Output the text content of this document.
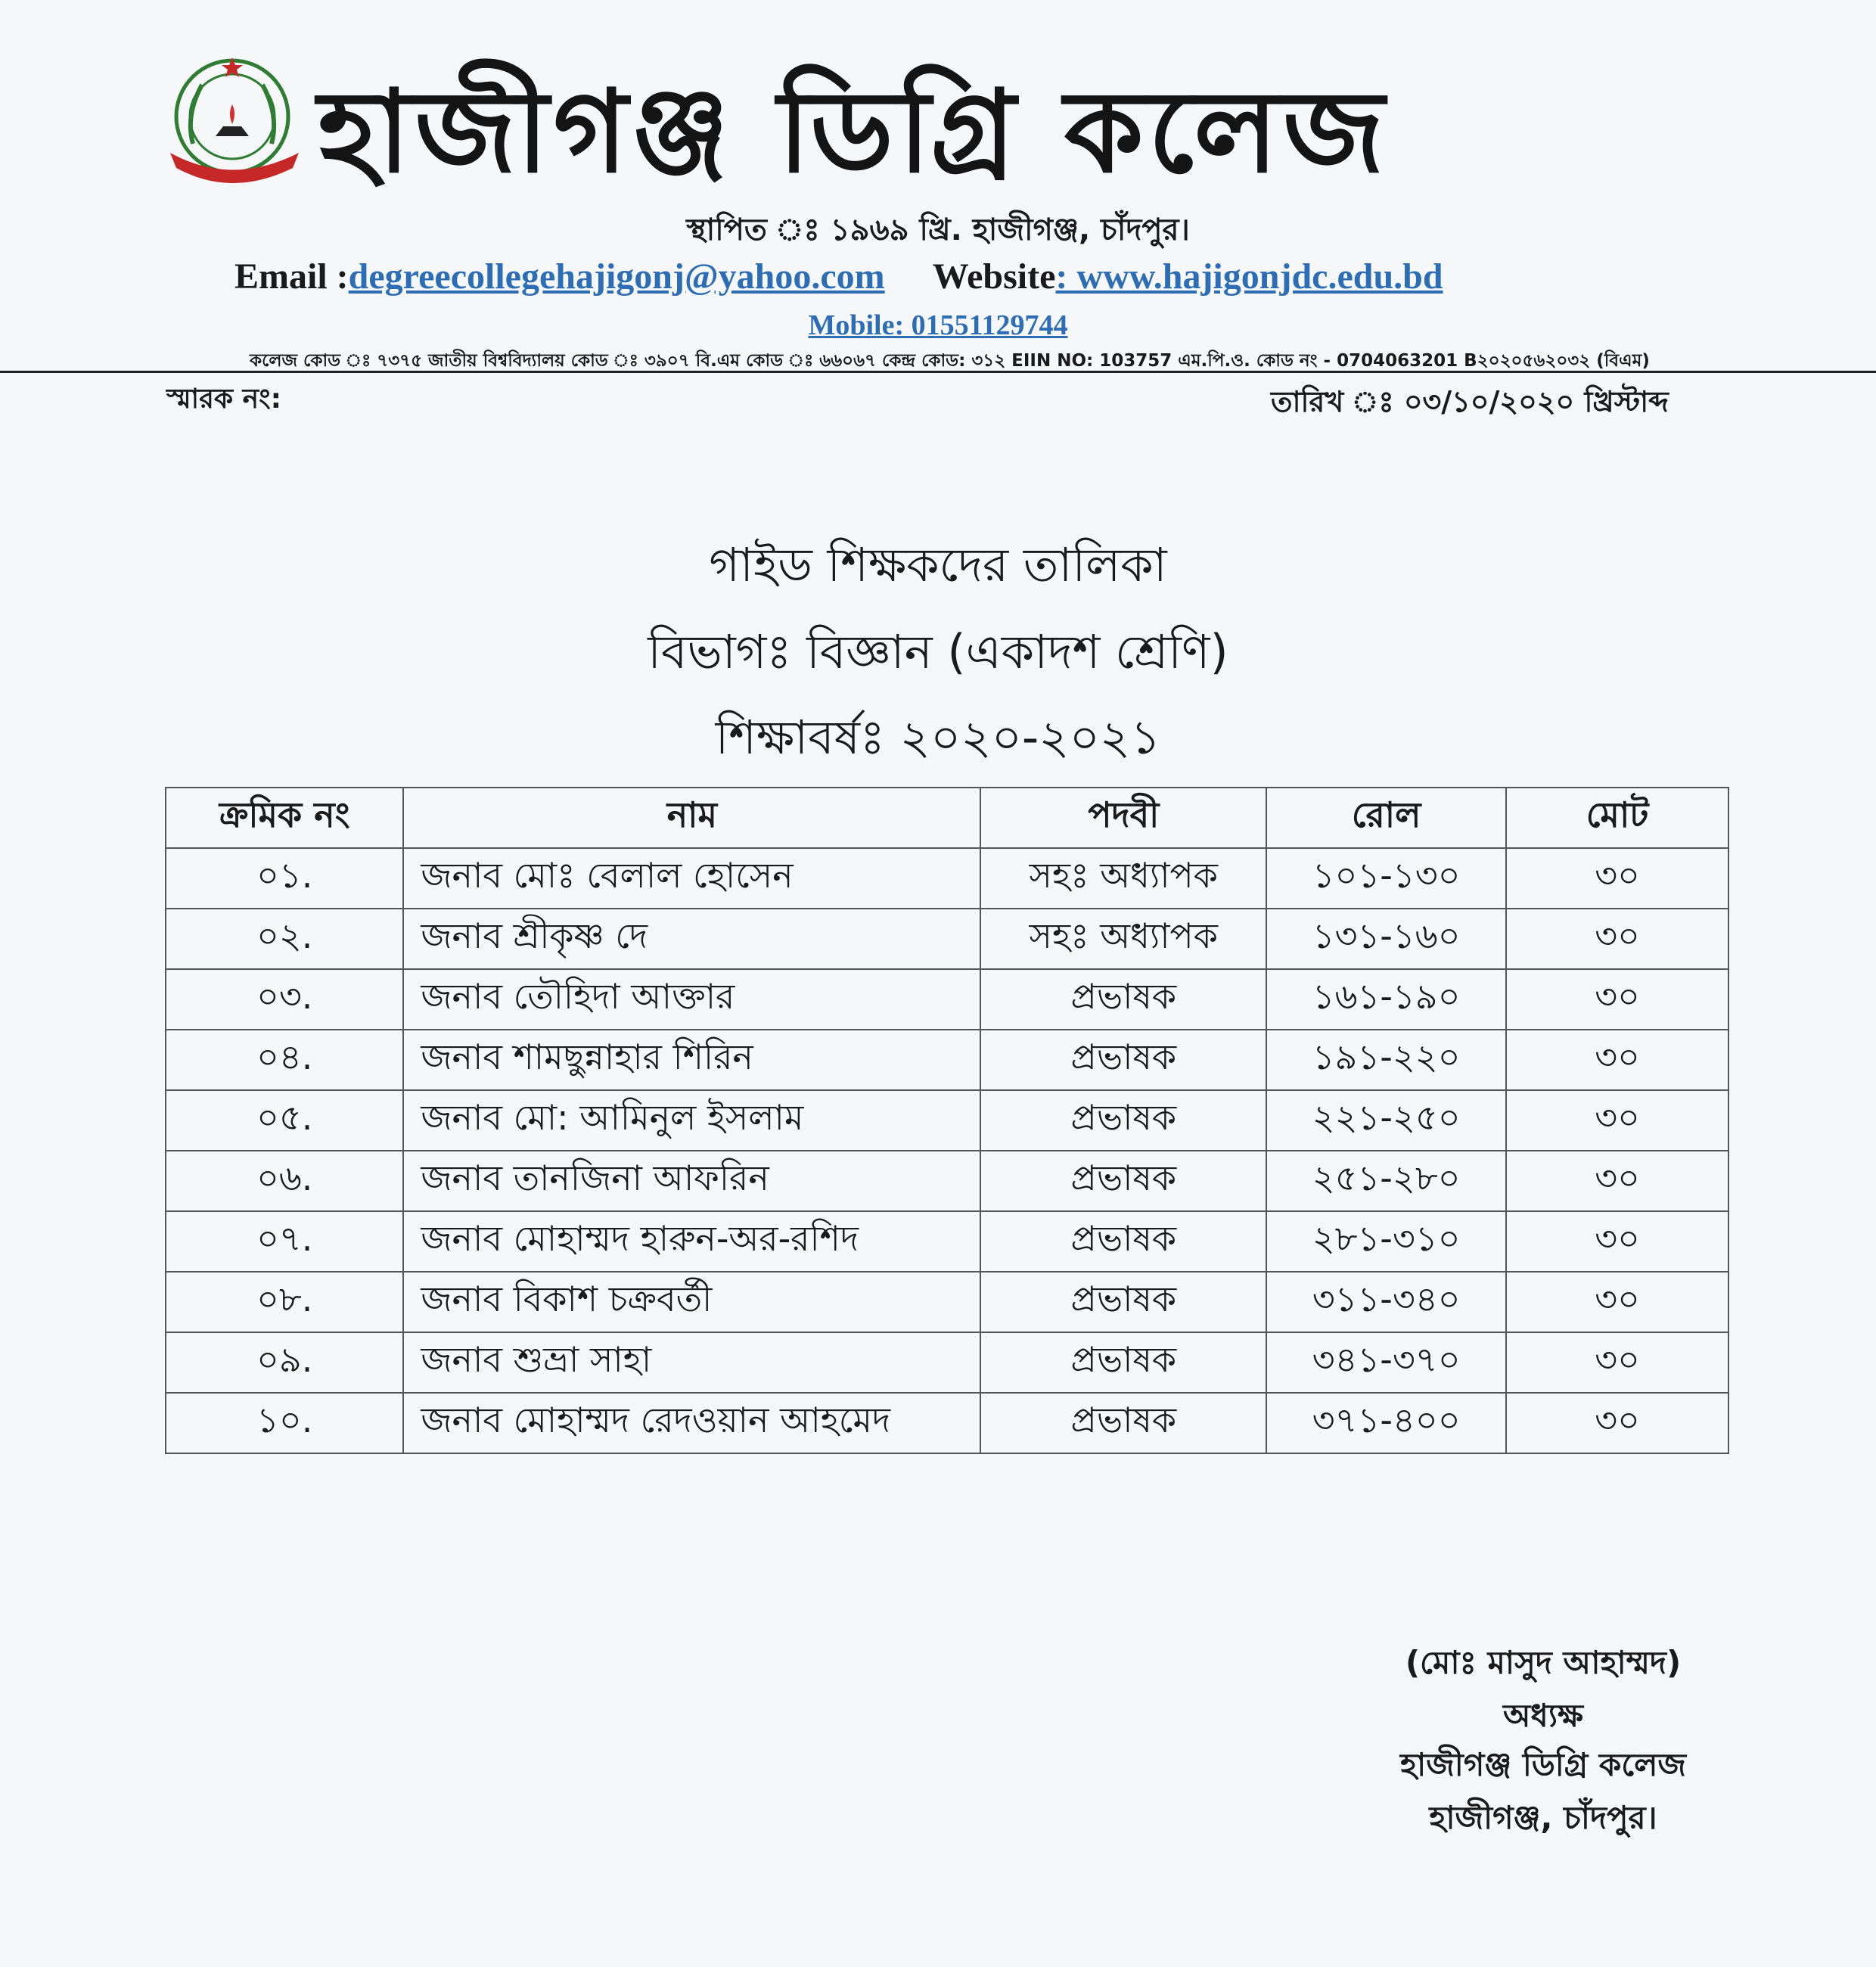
হাজীগঞ্জ ডিগ্রি কলেজ
স্থাপিত ঃ ১৯৬৯ খ্রি. হাজীগঞ্জ, চাঁদপুর।
Email :degreecollegehajigonj@yahoo.com Website: www.hajigonjdc.edu.bd
Mobile: 01551129744
কলেজ কোড ঃ ৭৩৭৫ জাতীয় বিশ্ববিদ্যালয় কোড ঃ ৩৯০৭ বি.এম কোড ঃ ৬৬০৬৭ কেন্দ্র কোড: ৩১২ EIIN NO: 103757 এম.পি.ও. কোড নং - 0704063201 B২০২০৫৬২০৩২ (বিএম)
স্মারক নং:	তারিখ ঃ ০৩/১০/২০২০ খ্রিস্টাব্দ
গাইড শিক্ষকদের তালিকা
বিভাগঃ বিজ্ঞান (একাদশ শ্রেণি)
শিক্ষাবর্ষঃ ২০২০-২০২১
ক্রমিক নং	নাম	পদবী	রোল	মোট
০১.	জনাব মোঃ বেলাল হোসেন	সহঃ অধ্যাপক	১০১-১৩০	৩০
০২.	জনাব শ্রীকৃষ্ণ দে	সহঃ অধ্যাপক	১৩১-১৬০	৩০
০৩.	জনাব তৌহিদা আক্তার	প্রভাষক	১৬১-১৯০	৩০
০৪.	জনাব শামছুন্নাহার শিরিন	প্রভাষক	১৯১-২২০	৩০
০৫.	জনাব মো: আমিনুল ইসলাম	প্রভাষক	২২১-২৫০	৩০
০৬.	জনাব তানজিনা আফরিন	প্রভাষক	২৫১-২৮০	৩০
০৭.	জনাব মোহাম্মদ হারুন-অর-রশিদ	প্রভাষক	২৮১-৩১০	৩০
০৮.	জনাব বিকাশ চক্রবর্তী	প্রভাষক	৩১১-৩৪০	৩০
০৯.	জনাব শুভ্রা সাহা	প্রভাষক	৩৪১-৩৭০	৩০
১০.	জনাব মোহাম্মদ রেদওয়ান আহমেদ	প্রভাষক	৩৭১-৪০০	৩০
(মোঃ মাসুদ আহাম্মদ)
অধ্যক্ষ
হাজীগঞ্জ ডিগ্রি কলেজ
হাজীগঞ্জ, চাঁদপুর।
